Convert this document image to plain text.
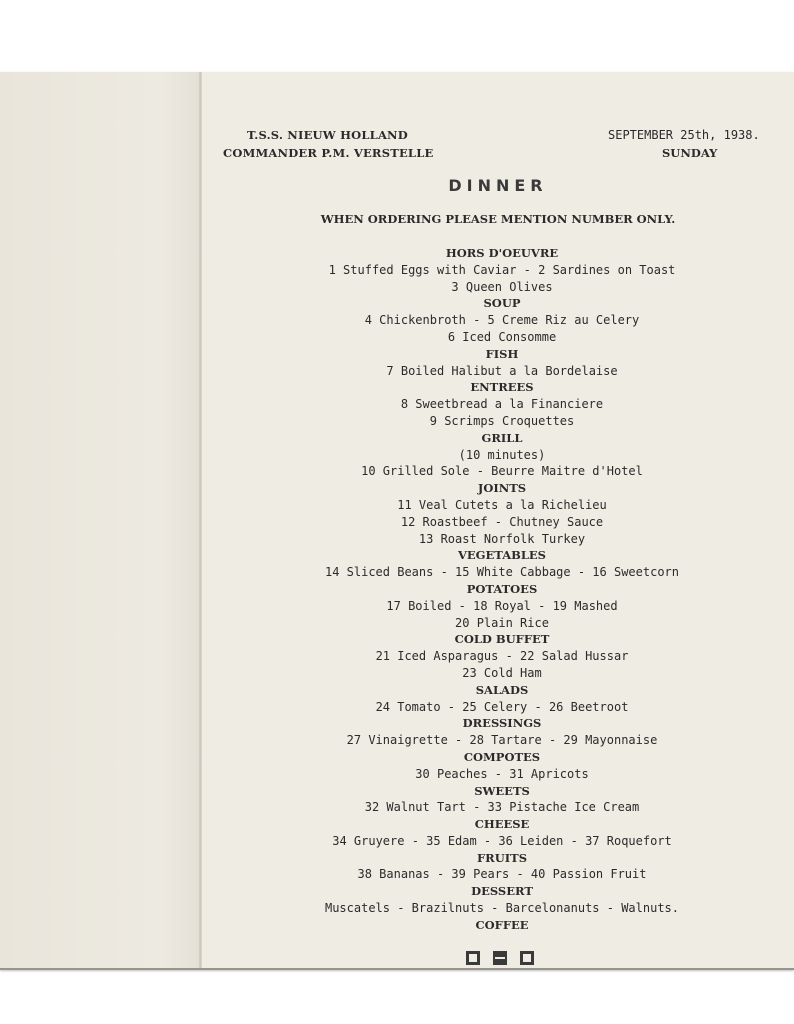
T.S.S. NIEUW HOLLAND
COMMANDER P.M. VERSTELLE
SEPTEMBER 25th, 1938.
SUNDAY
DINNER
WHEN ORDERING PLEASE MENTION NUMBER ONLY.
HORS D'OEUVRE
1 Stuffed Eggs with Caviar - 2 Sardines on Toast
3 Queen Olives
SOUP
4 Chickenbroth - 5 Creme Riz au Celery
6 Iced Consomme
FISH
7 Boiled Halibut a la Bordelaise
ENTREES
8 Sweetbread a la Financiere
9 Scrimps Croquettes
GRILL
(10 minutes)
10 Grilled Sole - Beurre Maitre d'Hotel
JOINTS
11 Veal Cutets a la Richelieu
12 Roastbeef - Chutney Sauce
13 Roast Norfolk Turkey
VEGETABLES
14 Sliced Beans - 15 White Cabbage - 16 Sweetcorn
POTATOES
17 Boiled - 18 Royal - 19 Mashed
20 Plain Rice
COLD BUFFET
21 Iced Asparagus - 22 Salad Hussar
23 Cold Ham
SALADS
24 Tomato - 25 Celery - 26 Beetroot
DRESSINGS
27 Vinaigrette - 28 Tartare - 29 Mayonnaise
COMPOTES
30 Peaches - 31 Apricots
SWEETS
32 Walnut Tart - 33 Pistache Ice Cream
CHEESE
34 Gruyere - 35 Edam - 36 Leiden - 37 Roquefort
FRUITS
38 Bananas - 39 Pears - 40 Passion Fruit
DESSERT
Muscatels - Brazilnuts - Barcelonanuts - Walnuts.
COFFEE
